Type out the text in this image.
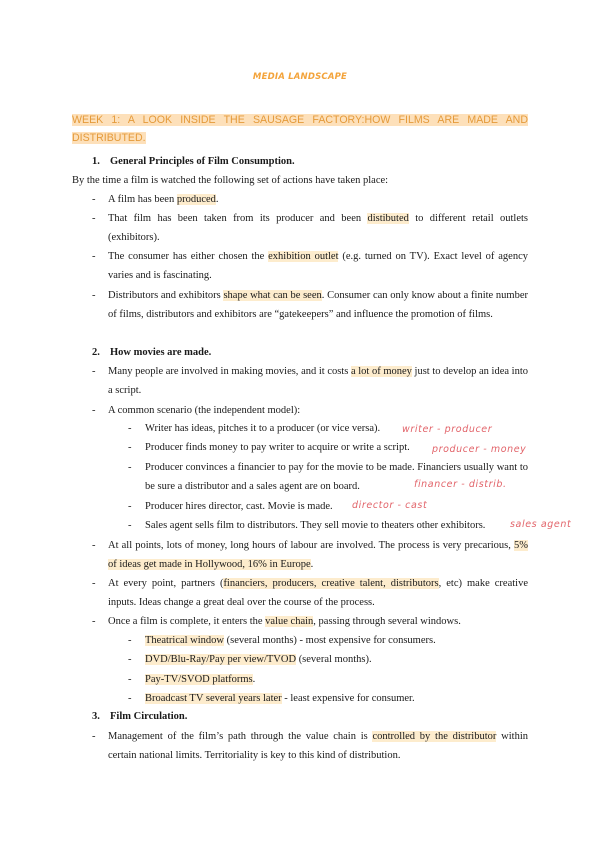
MEDIA LANDSCAPE
WEEK 1: A LOOK INSIDE THE SAUSAGE FACTORY:HOW FILMS ARE MADE AND DISTRIBUTED.
1. General Principles of Film Consumption.
By the time a film is watched the following set of actions have taken place:
- A film has been produced.
- That film has been taken from its producer and been distibuted to different retail outlets (exhibitors).
- The consumer has either chosen the exhibition outlet (e.g. turned on TV). Exact level of agency varies and is fascinating.
- Distributors and exhibitors shape what can be seen. Consumer can only know about a finite number of films, distributors and exhibitors are “gatekeepers” and influence the promotion of films.
2. How movies are made.
- Many people are involved in making movies, and it costs a lot of money just to develop an idea into a script.
- A common scenario (the independent model):
- Writer has ideas, pitches it to a producer (or vice versa).	writer - producer
- Producer finds money to pay writer to acquire or write a script.	producer - money
- Producer convinces a financier to pay for the movie to be made. Financiers usually want to be sure a distributor and a sales agent are on board.	financer - distrib.
- Producer hires director, cast. Movie is made.	director - cast
- Sales agent sells film to distributors. They sell movie to theaters other exhibitors.	sales agent
- At all points, lots of money, long hours of labour are involved. The process is very precarious, 5% of ideas get made in Hollywood, 16% in Europe.
- At every point, partners (financiers, producers, creative talent, distributors, etc) make creative inputs. Ideas change a great deal over the course of the process.
- Once a film is complete, it enters the value chain, passing through several windows.
- Theatrical window (several months) - most expensive for consumers.
- DVD/Blu-Ray/Pay per view/TVOD (several months).
- Pay-TV/SVOD platforms.
- Broadcast TV several years later - least expensive for consumer.
3. Film Circulation.
- Management of the film’s path through the value chain is controlled by the distributor within certain national limits. Territoriality is key to this kind of distribution.
